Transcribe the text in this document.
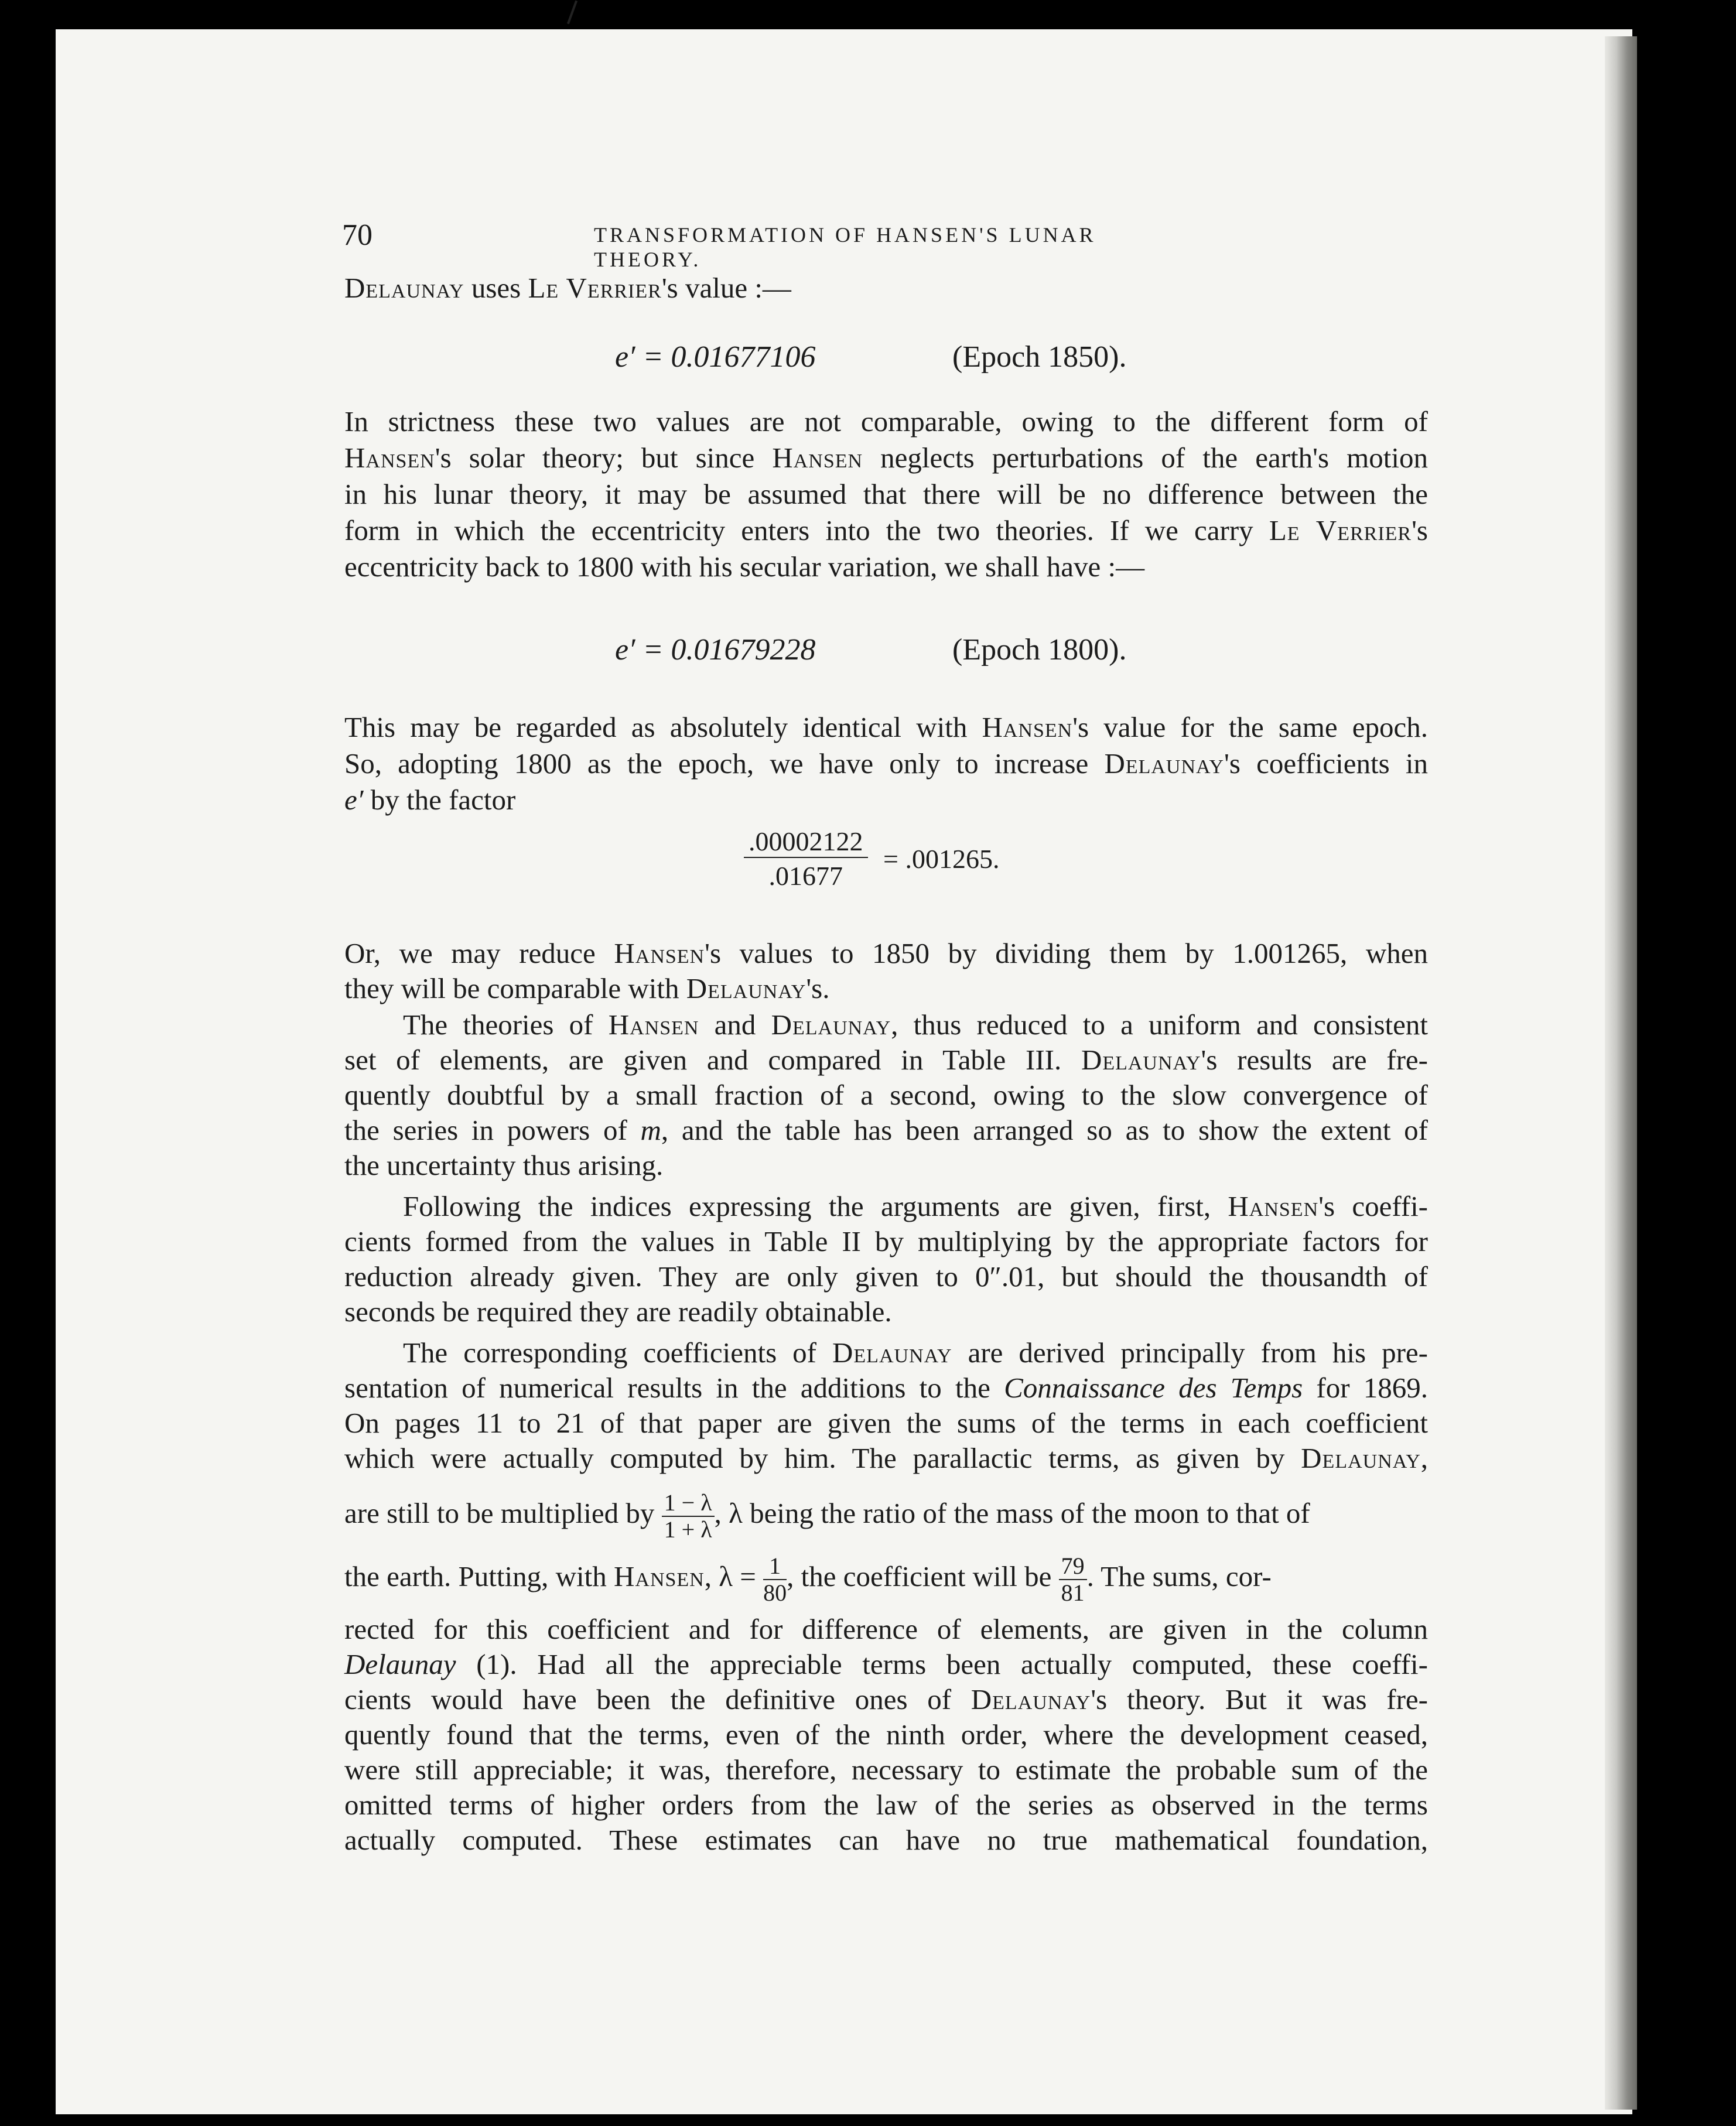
70	TRANSFORMATION OF HANSEN'S LUNAR THEORY.
Delaunay uses Le Verrier's value :—
e′ = 0.01677106	(Epoch 1850).
In strictness these two values are not comparable, owing to the different form of
Hansen's solar theory; but since Hansen neglects perturbations of the earth's motion
in his lunar theory, it may be assumed that there will be no difference between the
form in which the eccentricity enters into the two theories. If we carry Le Verrier's
eccentricity back to 1800 with his secular variation, we shall have :—
e′ = 0.01679228	(Epoch 1800).
This may be regarded as absolutely identical with Hansen's value for the same epoch.
So, adopting 1800 as the epoch, we have only to increase Delaunay's coefficients in
e′ by the factor
$\frac{.00002122}{.01677} = .001265$.
Or, we may reduce Hansen's values to 1850 by dividing them by 1.001265, when
they will be comparable with Delaunay's.
The theories of Hansen and Delaunay, thus reduced to a uniform and consistent
set of elements, are given and compared in Table III. Delaunay's results are fre-
quently doubtful by a small fraction of a second, owing to the slow convergence of
the series in powers of m, and the table has been arranged so as to show the extent of
the uncertainty thus arising.
Following the indices expressing the arguments are given, first, Hansen's coeffi-
cients formed from the values in Table II by multiplying by the appropriate factors for
reduction already given. They are only given to 0″.01, but should the thousandth of
seconds be required they are readily obtainable.
The corresponding coefficients of Delaunay are derived principally from his pre-
sentation of numerical results in the additions to the Connaissance des Temps for 1869.
On pages 11 to 21 of that paper are given the sums of the terms in each coefficient
which were actually computed by him. The parallactic terms, as given by Delaunay,
are still to be multiplied by $\frac{1 - \lambda}{1 + \lambda}$ , λ being the ratio of the mass of the moon to that of
the earth. Putting, with Hansen, $\lambda = \frac{1}{80}$ , the coefficient will be $\frac{79}{81}$ . The sums, cor-
rected for this coefficient and for difference of elements, are given in the column
Delaunay (1). Had all the appreciable terms been actually computed, these coeffi-
cients would have been the definitive ones of Delaunay's theory. But it was fre-
quently found that the terms, even of the ninth order, where the development ceased,
were still appreciable; it was, therefore, necessary to estimate the probable sum of the
omitted terms of higher orders from the law of the series as observed in the terms
actually computed. These estimates can have no true mathematical foundation,
